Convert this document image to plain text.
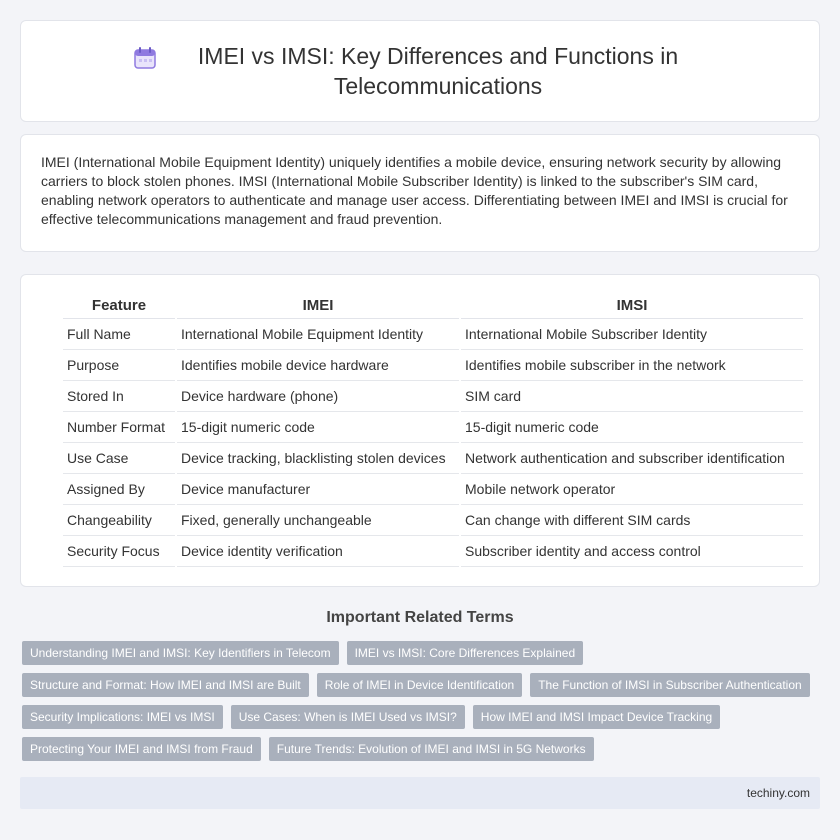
IMEI vs IMSI: Key Differences and Functions in Telecommunications

IMEI (International Mobile Equipment Identity) uniquely identifies a mobile device, ensuring network security by allowing carriers to block stolen phones. IMSI (International Mobile Subscriber Identity) is linked to the subscriber's SIM card, enabling network operators to authenticate and manage user access. Differentiating between IMEI and IMSI is crucial for effective telecommunications management and fraud prevention.

Feature	IMEI	IMSI
Full Name	International Mobile Equipment Identity	International Mobile Subscriber Identity
Purpose	Identifies mobile device hardware	Identifies mobile subscriber in the network
Stored In	Device hardware (phone)	SIM card
Number Format	15-digit numeric code	15-digit numeric code
Use Case	Device tracking, blacklisting stolen devices	Network authentication and subscriber identification
Assigned By	Device manufacturer	Mobile network operator
Changeability	Fixed, generally unchangeable	Can change with different SIM cards
Security Focus	Device identity verification	Subscriber identity and access control
Important Related Terms
Understanding IMEI and IMSI: Key Identifiers in Telecom	IMEI vs IMSI: Core Differences Explained
Structure and Format: How IMEI and IMSI are Built	Role of IMEI in Device Identification	The Function of IMSI in Subscriber Authentication
Security Implications: IMEI vs IMSI	Use Cases: When is IMEI Used vs IMSI?	How IMEI and IMSI Impact Device Tracking
Protecting Your IMEI and IMSI from Fraud	Future Trends: Evolution of IMEI and IMSI in 5G Networks
techiny.com
